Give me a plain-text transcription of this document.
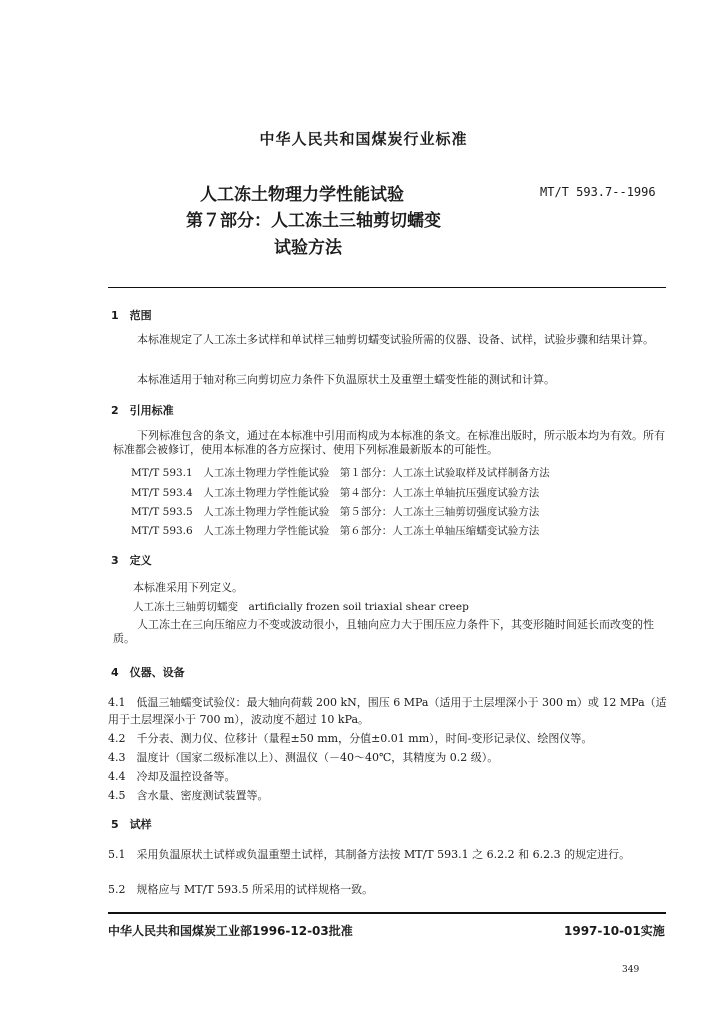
中华人民共和国煤炭行业标准
人工冻土物理力学性能试验
第７部分：人工冻土三轴剪切蠕变
试验方法
MT/T 593.7--1996
1　范围
本标准规定了人工冻土多试样和单试样三轴剪切蠕变试验所需的仪器、设备、试样，试验步骤和结果计算。
本标准适用于轴对称三向剪切应力条件下负温原状土及重塑土蠕变性能的测试和计算。
2　引用标准
下列标准包含的条文，通过在本标准中引用而构成为本标准的条文。在标准出版时，所示版本均为有效。所有标准都会被修订，使用本标准的各方应探讨、使用下列标准最新版本的可能性。
MT/T 593.1　人工冻土物理力学性能试验　第１部分：人工冻土试验取样及试样制备方法
MT/T 593.4　人工冻土物理力学性能试验　第４部分：人工冻土单轴抗压强度试验方法
MT/T 593.5　人工冻土物理力学性能试验　第５部分：人工冻土三轴剪切强度试验方法
MT/T 593.6　人工冻土物理力学性能试验　第６部分：人工冻土单轴压缩蠕变试验方法
3　定义
本标准采用下列定义。
人工冻土三轴剪切蠕变　artificially frozen soil triaxial shear creep
人工冻土在三向压缩应力不变或波动很小，且轴向应力大于围压应力条件下，其变形随时间延长而改变的性质。
4　仪器、设备
4.1　低温三轴蠕变试验仪：最大轴向荷载 200 kN，围压 6 MPa（适用于土层埋深小于 300 m）或 12 MPa（适用于土层埋深小于 700 m），波动度不超过 10 kPa。
4.2　千分表、测力仪、位移计（量程±50 mm，分值±0.01 mm），时间-变形记录仪、绘图仪等。
4.3　温度计（国家二级标准以上）、测温仪（－40～40℃，其精度为 0.2 级）。
4.4　冷却及温控设备等。
4.5　含水量、密度测试装置等。
5　试样
5.1　采用负温原状土试样或负温重塑土试样，其制备方法按 MT/T 593.1 之 6.2.2 和 6.2.3 的规定进行。
5.2　规格应与 MT/T 593.5 所采用的试样规格一致。
中华人民共和国煤炭工业部1996-12-03批准	1997-10-01实施
349
